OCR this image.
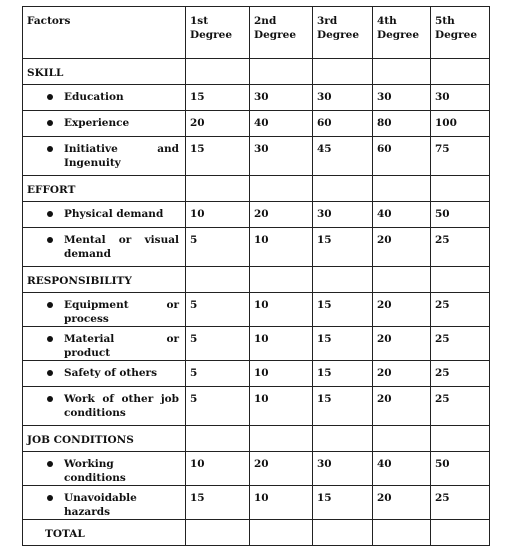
Factors	1st Degree	2nd Degree	3rd Degree	4th Degree	5th Degree
SKILL					

Education	15	30	30	30	30

Experience	20	40	60	80	100

Initiative and Ingenuity	15	30	45	60	75
EFFORT					

Physical demand	10	20	30	40	50

Mental or visual demand	5	10	15	20	25
RESPONSIBILITY					

Equipment or process	5	10	15	20	25

Material or product	5	10	15	20	25

Safety of others	5	10	15	20	25

Work of other job conditions	5	10	15	20	25
JOB CONDITIONS					

Working conditions	10	20	30	40	50

Unavoidable hazards	15	10	15	20	25
TOTAL					
